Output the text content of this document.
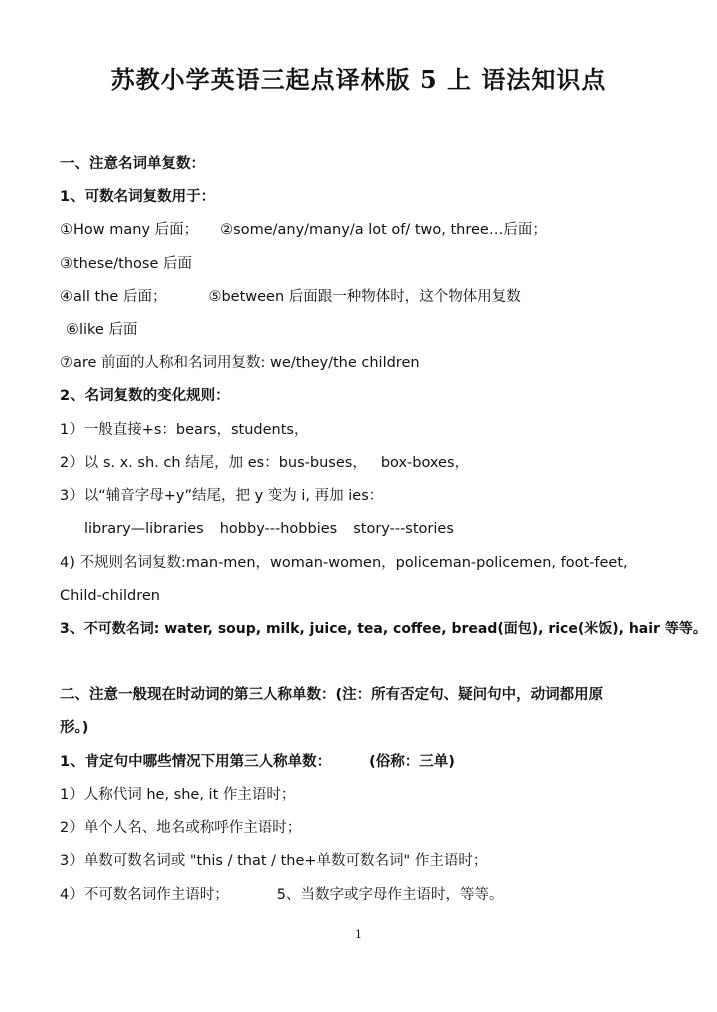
苏教小学英语三起点译林版 5 上 语法知识点
一、注意名词单复数：
1、可数名词复数用于：
①How many 后面； ②some/any/many/a lot of/ two, three…后面；
③these/those 后面
④all the 后面；	⑤between 后面跟一种物体时，这个物体用复数
⑥like 后面
⑦are 前面的人称和名词用复数: we/they/the children
2、名词复数的变化规则：
1）一般直接+s：bears，students，
2）以 s. x. sh. ch 结尾，加 es：bus-buses， box-boxes，
3）以“辅音字母+y”结尾，把 y 变为 i, 再加 ies：
library—libraries hobby---hobbies story---stories
4) 不规则名词复数:man-men，woman-women，policeman-policemen, foot-feet,
Child-children
3、不可数名词: water, soup, milk, juice, tea, coffee, bread(面包), rice(米饭), hair 等等。
二、注意一般现在时动词的第三人称单数：(注：所有否定句、疑问句中，动词都用原
形。)
1、肯定句中哪些情况下用第三人称单数：	(俗称：三单)
1）人称代词 he, she, it 作主语时；
2）单个人名、地名或称呼作主语时；
3）单数可数名词或 "this / that / the+单数可数名词" 作主语时；
4）不可数名词作主语时；	5、当数字或字母作主语时，等等。
1
